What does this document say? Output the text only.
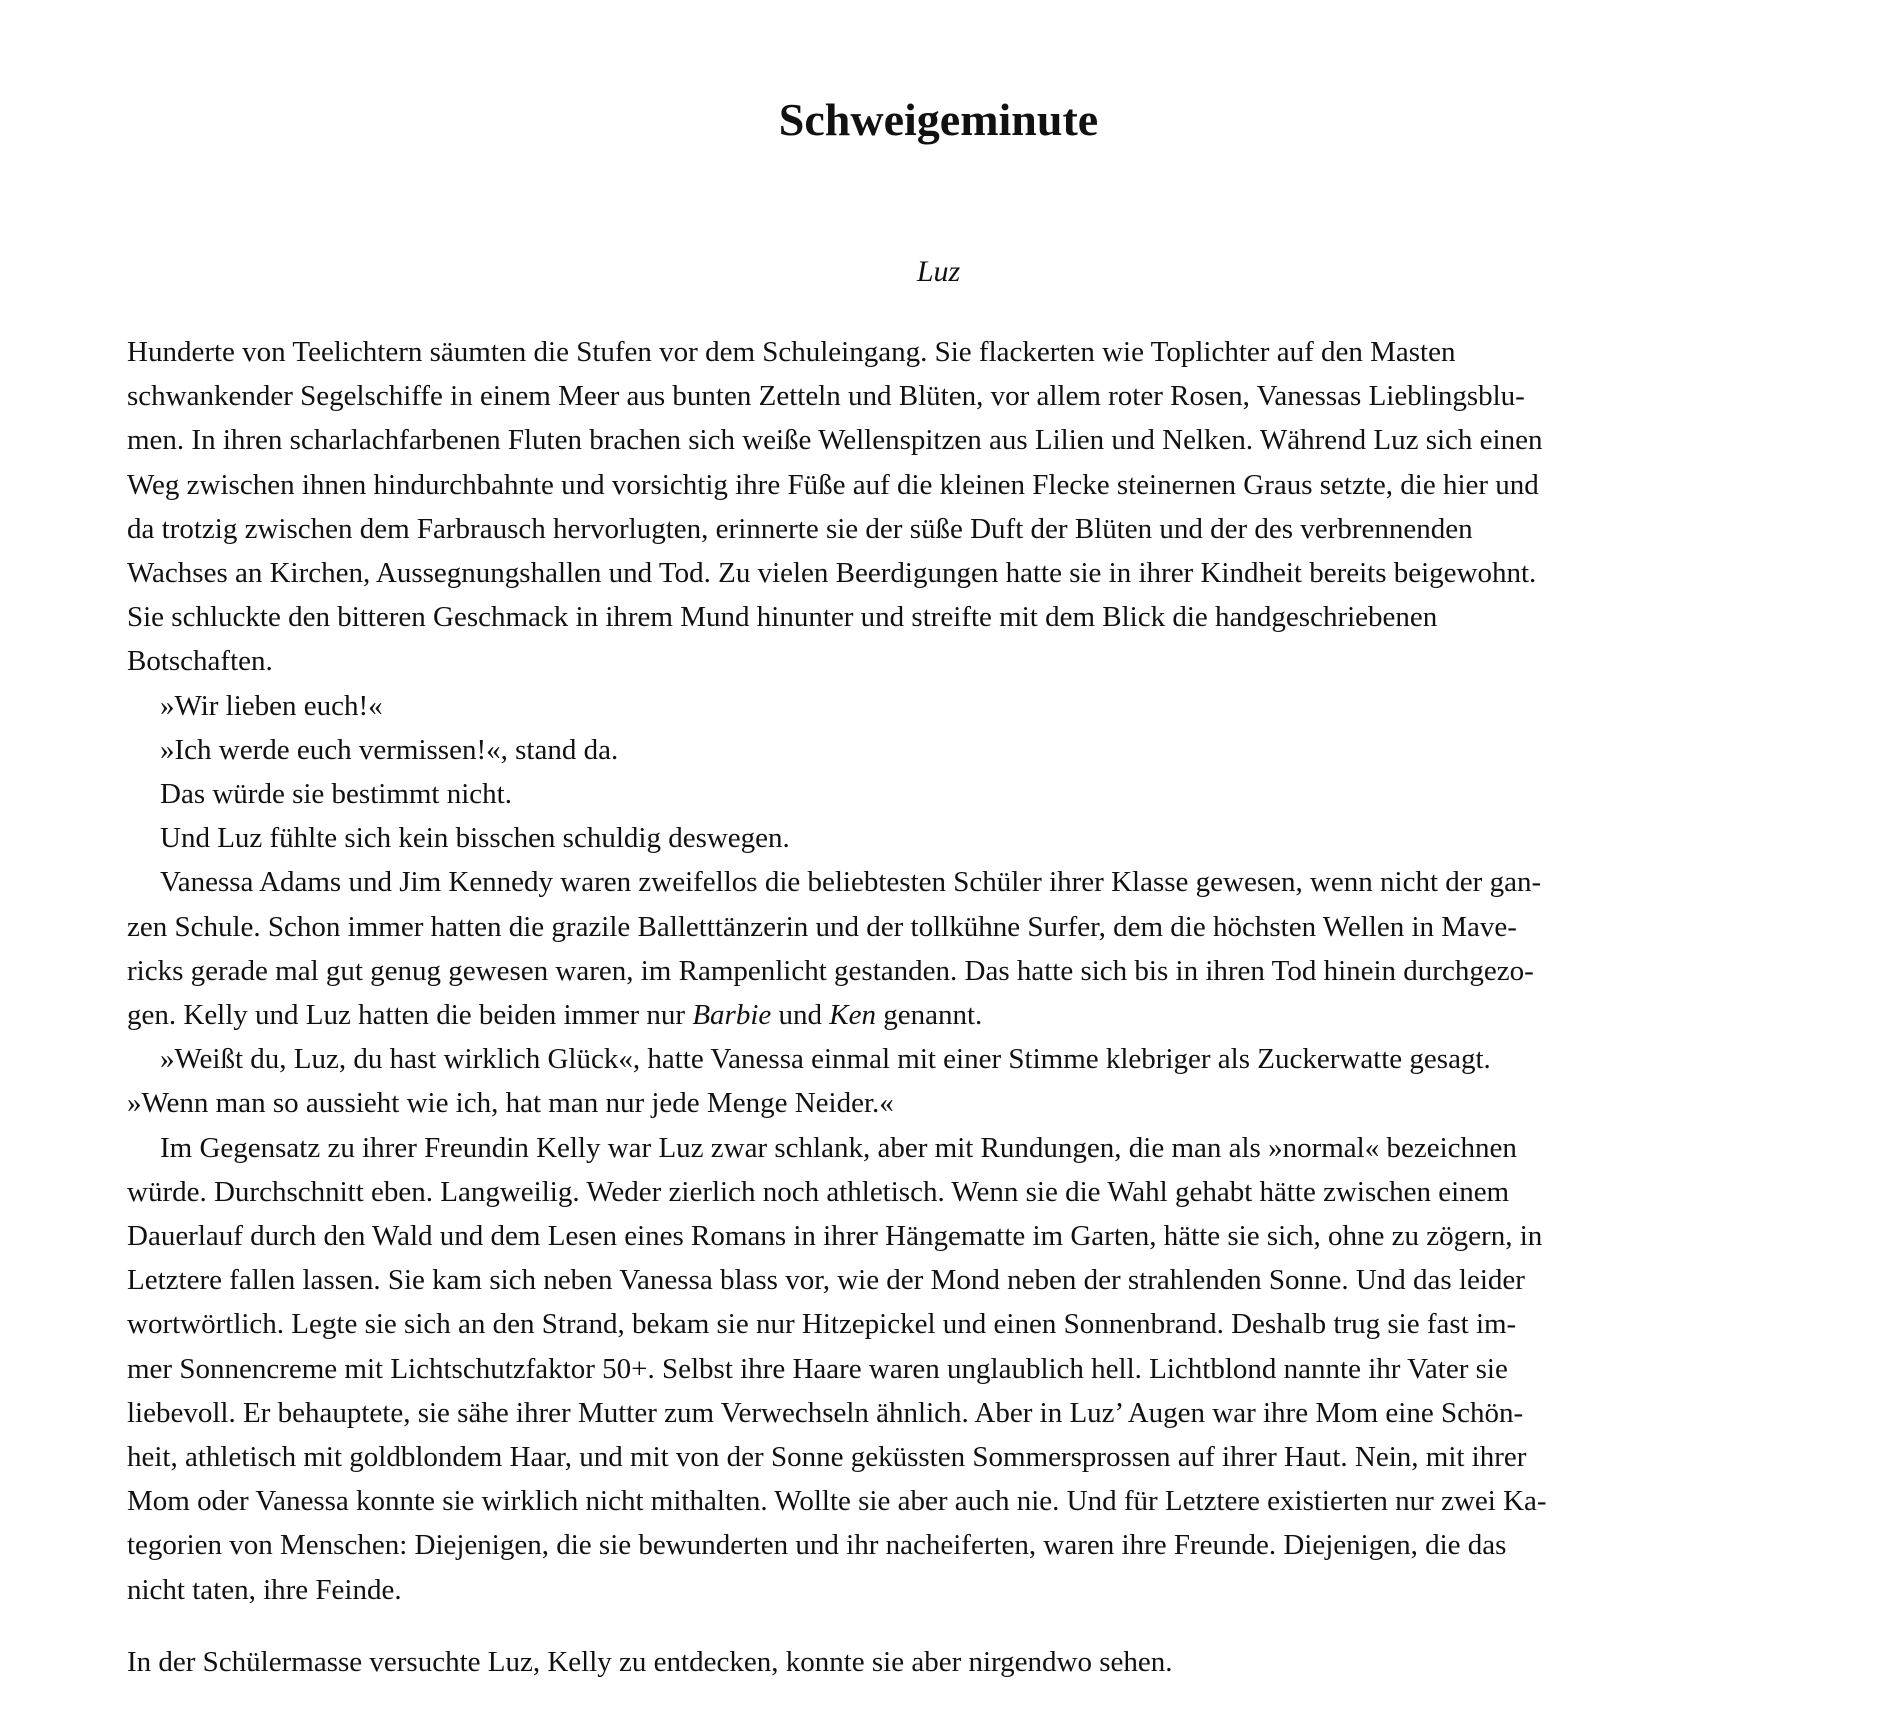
Schweigeminute
Luz

Hunderte von Teelichtern säumten die Stufen vor dem Schuleingang. Sie flackerten wie Toplichter auf den Masten

schwankender Segelschiffe in einem Meer aus bunten Zetteln und Blüten, vor allem roter Rosen, Vanessas Lieblingsblu-

men. In ihren scharlachfarbenen Fluten brachen sich weiße Wellenspitzen aus Lilien und Nelken. Während Luz sich einen

Weg zwischen ihnen hindurchbahnte und vorsichtig ihre Füße auf die kleinen Flecke steinernen Graus setzte, die hier und

da trotzig zwischen dem Farbrausch hervorlugten, erinnerte sie der süße Duft der Blüten und der des verbrennenden

Wachses an Kirchen, Aussegnungshallen und Tod. Zu vielen Beerdigungen hatte sie in ihrer Kindheit bereits beigewohnt.

Sie schluckte den bitteren Geschmack in ihrem Mund hinunter und streifte mit dem Blick die handgeschriebenen

Botschaften.

»Wir lieben euch!«

»Ich werde euch vermissen!«, stand da.

Das würde sie bestimmt nicht.

Und Luz fühlte sich kein bisschen schuldig deswegen.

Vanessa Adams und Jim Kennedy waren zweifellos die beliebtesten Schüler ihrer Klasse gewesen, wenn nicht der gan-

zen Schule. Schon immer hatten die grazile Balletttänzerin und der tollkühne Surfer, dem die höchsten Wellen in Mave-

ricks gerade mal gut genug gewesen waren, im Rampenlicht gestanden. Das hatte sich bis in ihren Tod hinein durchgezo-

gen. Kelly und Luz hatten die beiden immer nur Barbie und Ken genannt.

»Weißt du, Luz, du hast wirklich Glück«, hatte Vanessa einmal mit einer Stimme klebriger als Zuckerwatte gesagt.

»Wenn man so aussieht wie ich, hat man nur jede Menge Neider.«

Im Gegensatz zu ihrer Freundin Kelly war Luz zwar schlank, aber mit Rundungen, die man als »normal« bezeichnen

würde. Durchschnitt eben. Langweilig. Weder zierlich noch athletisch. Wenn sie die Wahl gehabt hätte zwischen einem

Dauerlauf durch den Wald und dem Lesen eines Romans in ihrer Hängematte im Garten, hätte sie sich, ohne zu zögern, in

Letztere fallen lassen. Sie kam sich neben Vanessa blass vor, wie der Mond neben der strahlenden Sonne. Und das leider

wortwörtlich. Legte sie sich an den Strand, bekam sie nur Hitzepickel und einen Sonnenbrand. Deshalb trug sie fast im-

mer Sonnencreme mit Lichtschutzfaktor 50+. Selbst ihre Haare waren unglaublich hell. Lichtblond nannte ihr Vater sie

liebevoll. Er behauptete, sie sähe ihrer Mutter zum Verwechseln ähnlich. Aber in Luz’ Augen war ihre Mom eine Schön-

heit, athletisch mit goldblondem Haar, und mit von der Sonne geküssten Sommersprossen auf ihrer Haut. Nein, mit ihrer

Mom oder Vanessa konnte sie wirklich nicht mithalten. Wollte sie aber auch nie. Und für Letztere existierten nur zwei Ka-

tegorien von Menschen: Diejenigen, die sie bewunderten und ihr nacheiferten, waren ihre Freunde. Diejenigen, die das

nicht taten, ihre Feinde.

In der Schülermasse versuchte Luz, Kelly zu entdecken, konnte sie aber nirgendwo sehen.
